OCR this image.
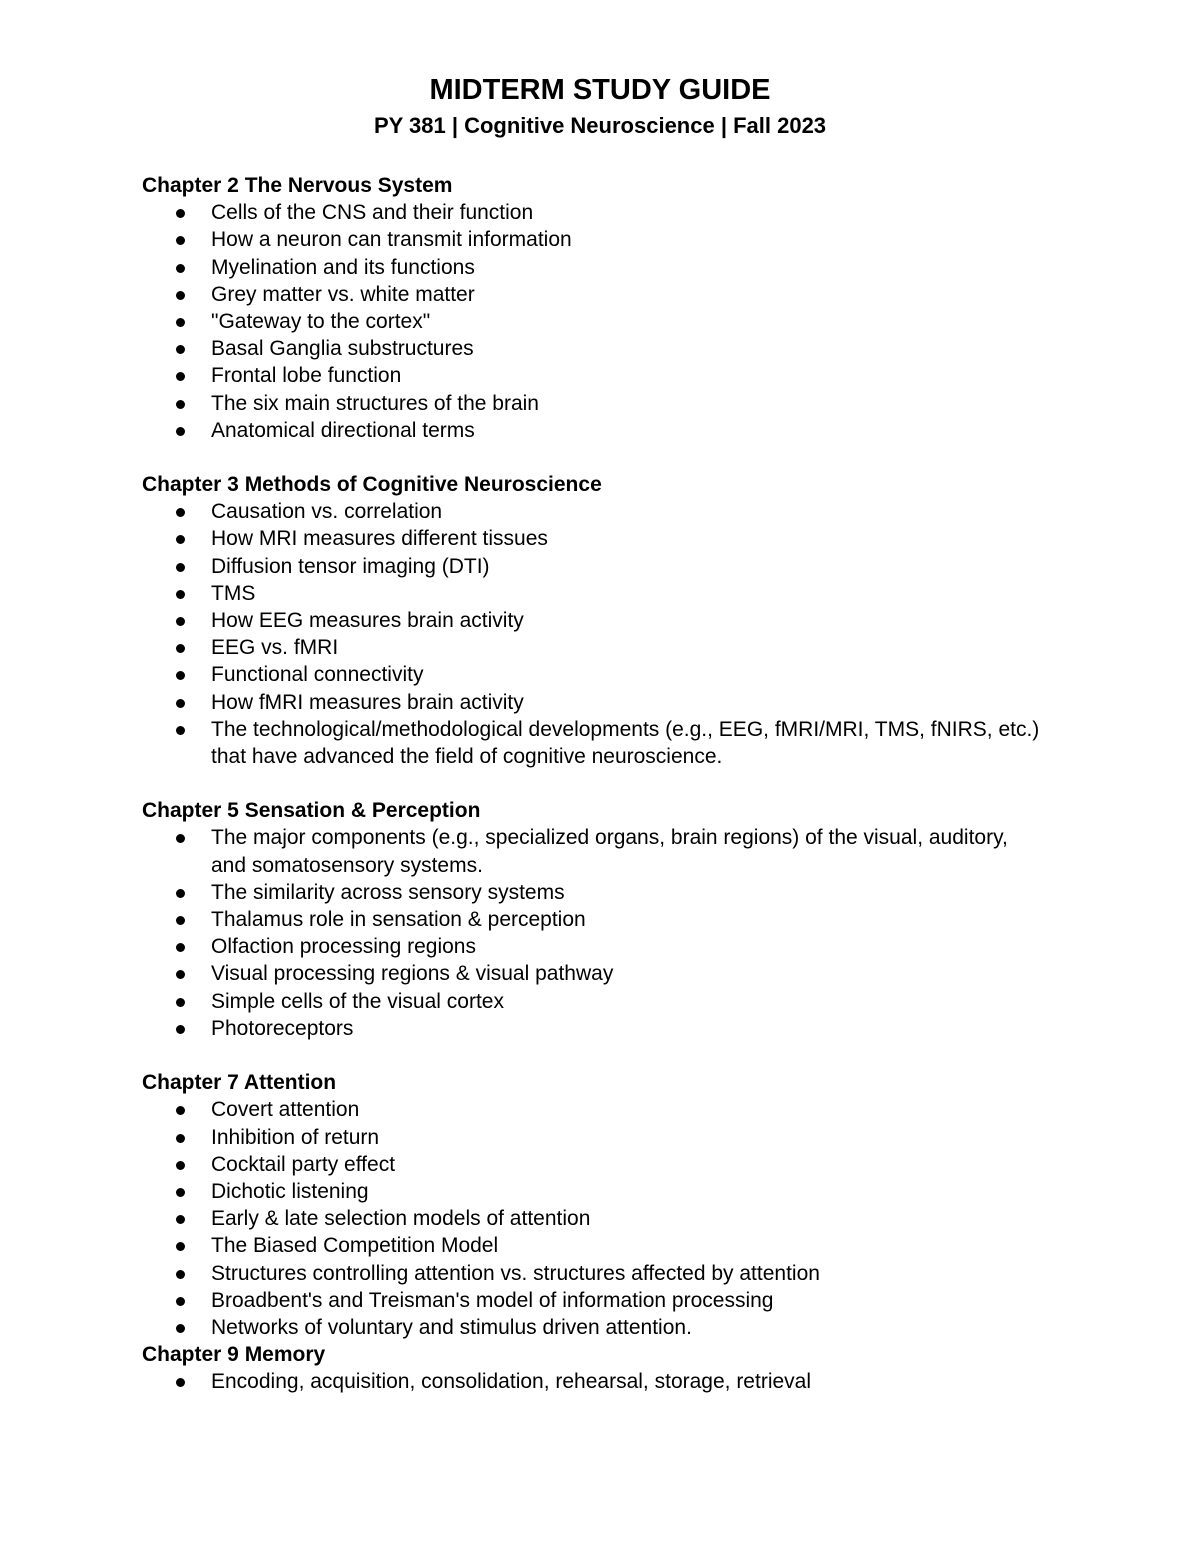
MIDTERM STUDY GUIDE
PY 381 | Cognitive Neuroscience | Fall 2023
Chapter 2 The Nervous System
Cells of the CNS and their function
How a neuron can transmit information
Myelination and its functions
Grey matter vs. white matter
"Gateway to the cortex"
Basal Ganglia substructures
Frontal lobe function
The six main structures of the brain
Anatomical directional terms
Chapter 3 Methods of Cognitive Neuroscience
Causation vs. correlation
How MRI measures different tissues
Diffusion tensor imaging (DTI)
TMS
How EEG measures brain activity
EEG vs. fMRI
Functional connectivity
How fMRI measures brain activity
The technological/methodological developments (e.g., EEG, fMRI/MRI, TMS, fNIRS, etc.) that have advanced the field of cognitive neuroscience.
Chapter 5 Sensation & Perception
The major components (e.g., specialized organs, brain regions) of the visual, auditory, and somatosensory systems.
The similarity across sensory systems
Thalamus role in sensation & perception
Olfaction processing regions
Visual processing regions & visual pathway
Simple cells of the visual cortex
Photoreceptors
Chapter 7 Attention
Covert attention
Inhibition of return
Cocktail party effect
Dichotic listening
Early & late selection models of attention
The Biased Competition Model
Structures controlling attention vs. structures affected by attention
Broadbent's and Treisman's model of information processing
Networks of voluntary and stimulus driven attention.
Chapter 9 Memory
Encoding, acquisition, consolidation, rehearsal, storage, retrieval
